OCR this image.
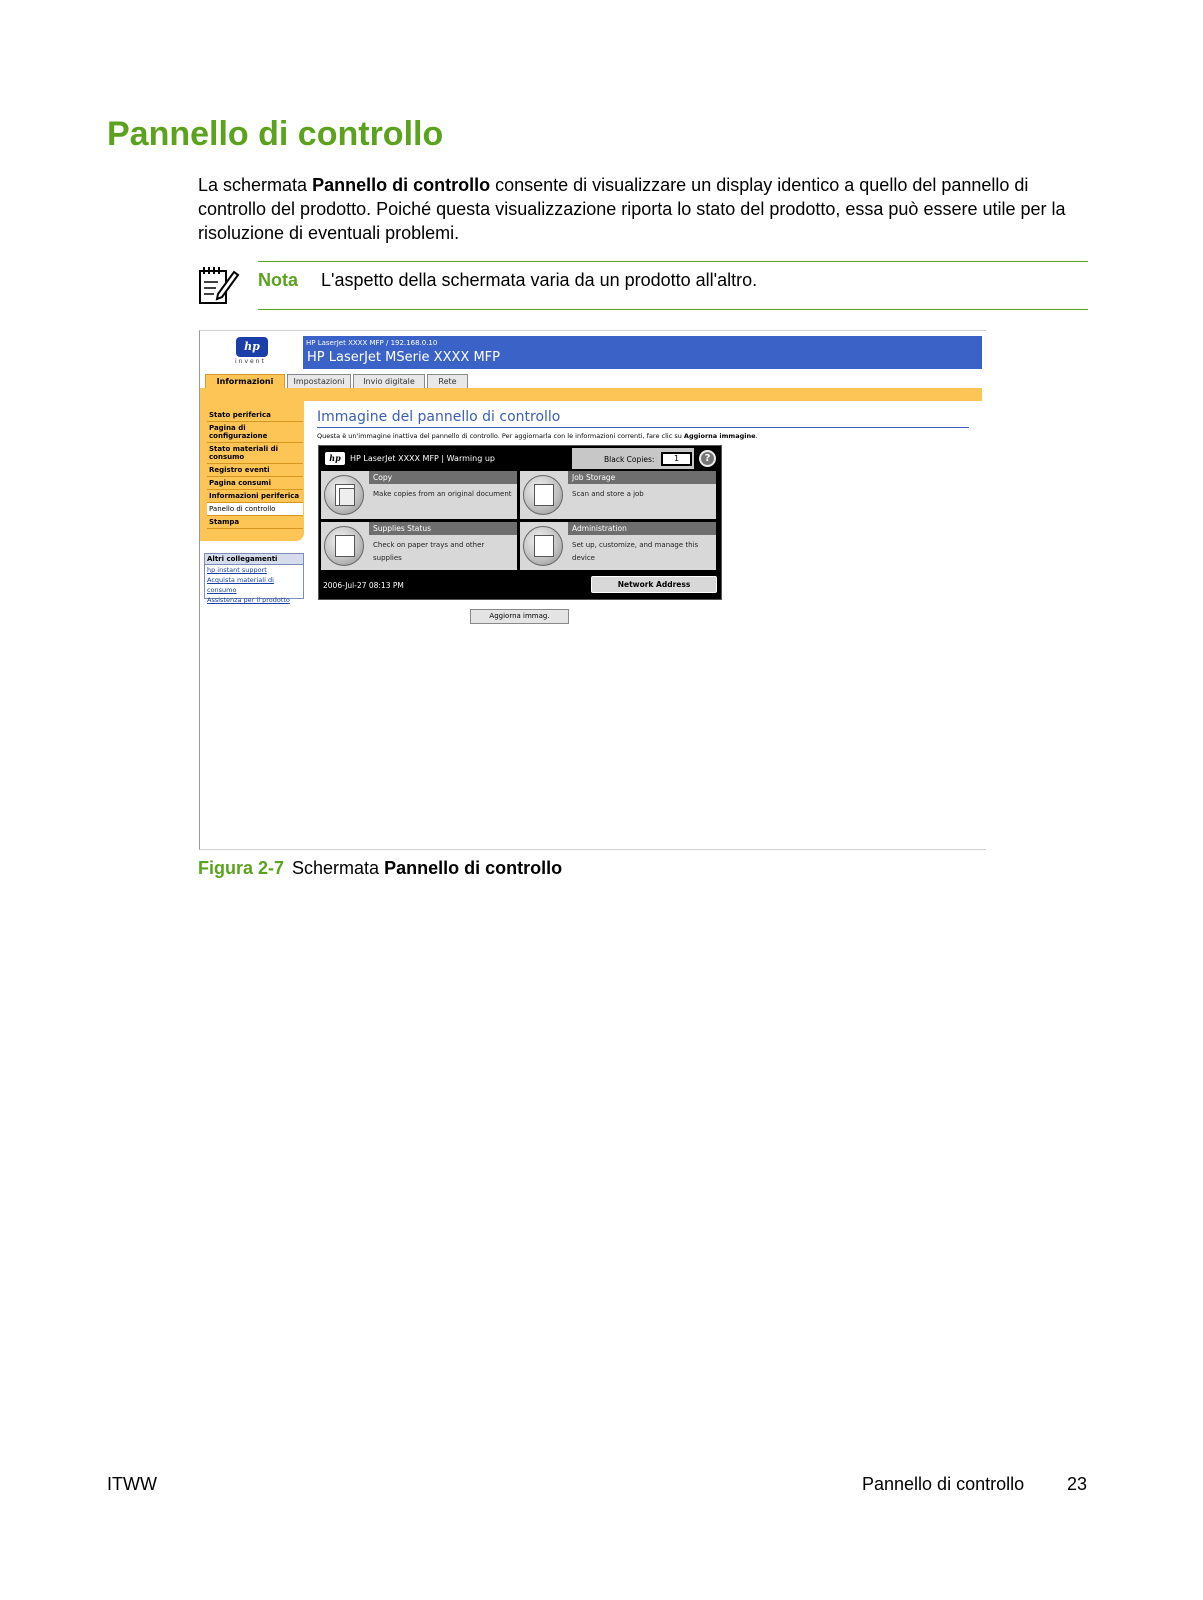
Pannello di controllo
La schermata Pannello di controllo consente di visualizzare un display identico a quello del pannello di controllo del prodotto. Poiché questa visualizzazione riporta lo stato del prodotto, essa può essere utile per la risoluzione di eventuali problemi.
Nota L'aspetto della schermata varia da un prodotto all'altro.
hp
invent
HP LaserJet XXXX MFP / 192.168.0.10
HP LaserJet MSerie XXXX MFP
Informazioni	Impostazioni	Invio digitale	Rete
Stato periferica
Pagina di configurazione
Stato materiali di consumo
Registro eventi
Pagina consumi
Informazioni periferica
Panello di controllo
Stampa
Altri collegamenti
hp instant support
Acquista materiali di consumo
Assistenza per il prodotto
Immagine del pannello di controllo
Questa è un'immagine inattiva del pannello di controllo. Per aggiornarla con le informazioni correnti, fare clic su Aggiorna immagine.
hp	HP LaserJet XXXX MFP | Warming up	Black Copies:	1	?
Copy
Make copies from an original document
Job Storage
Scan and store a job
Supplies Status
Check on paper trays and other supplies
Administration
Set up, customize, and manage this device
2006-Jul-27 08:13 PM	Network Address
Aggiorna immag.
Figura 2-7 Schermata Pannello di controllo
ITWW	Pannello di controllo 23
